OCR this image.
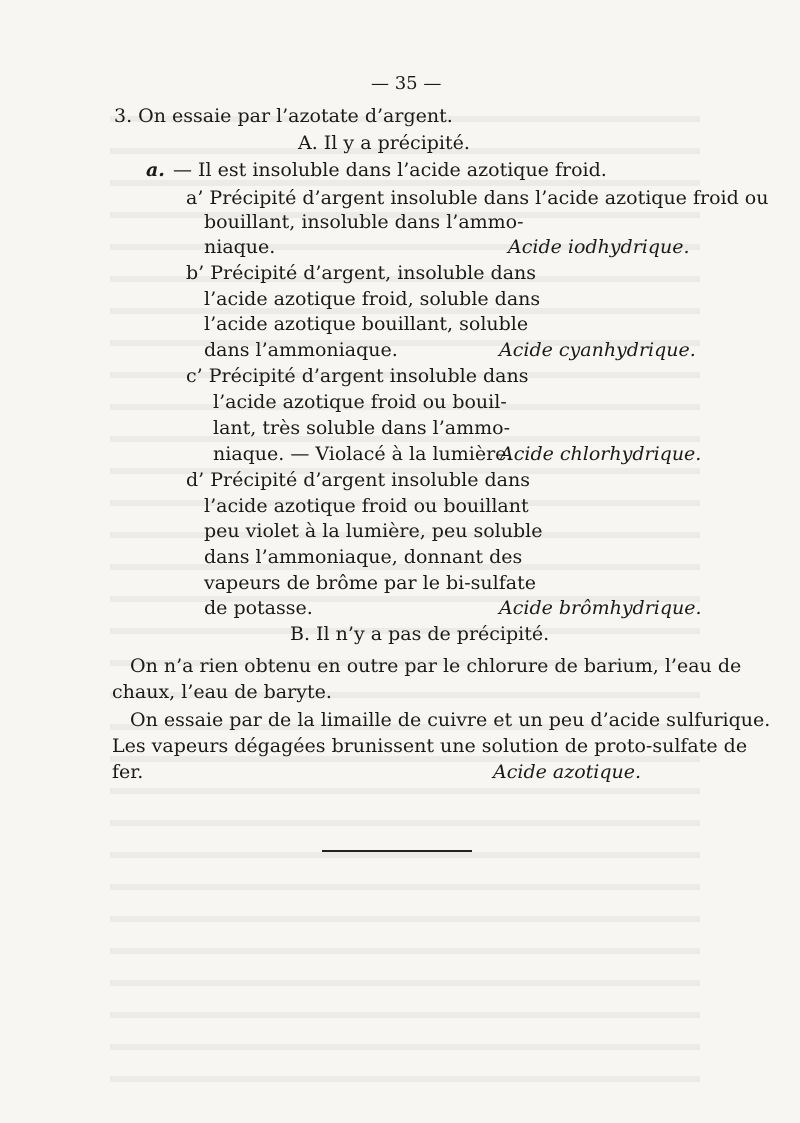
— 35 —
3. On essaie par l’azotate d’argent.
A. Il y a précipité.
a. — Il est insoluble dans l’acide azotique froid.
a’ Précipité d’argent insoluble dans l’acide azotique froid ou
bouillant, insoluble dans l’ammo-
niaque.	Acide iodhydrique.
b’ Précipité d’argent, insoluble dans
l’acide azotique froid, soluble dans
l’acide azotique bouillant, soluble
dans l’ammoniaque.	Acide cyanhydrique.
c’ Précipité d’argent insoluble dans
l’acide azotique froid ou bouil-
lant, très soluble dans l’ammo-
niaque. — Violacé à la lumière.
Acide chlorhydrique.
d’ Précipité d’argent insoluble dans
l’acide azotique froid ou bouillant
peu violet à la lumière, peu soluble
dans l’ammoniaque, donnant des
vapeurs de brôme par le bi-sulfate
de potasse.	Acide brômhydrique.
B. Il n’y a pas de précipité.
On n’a rien obtenu en outre par le chlorure de barium, l’eau de
chaux, l’eau de baryte.
On essaie par de la limaille de cuivre et un peu d’acide sulfurique.
Les vapeurs dégagées brunissent une solution de proto-sulfate de
fer.	Acide azotique.
